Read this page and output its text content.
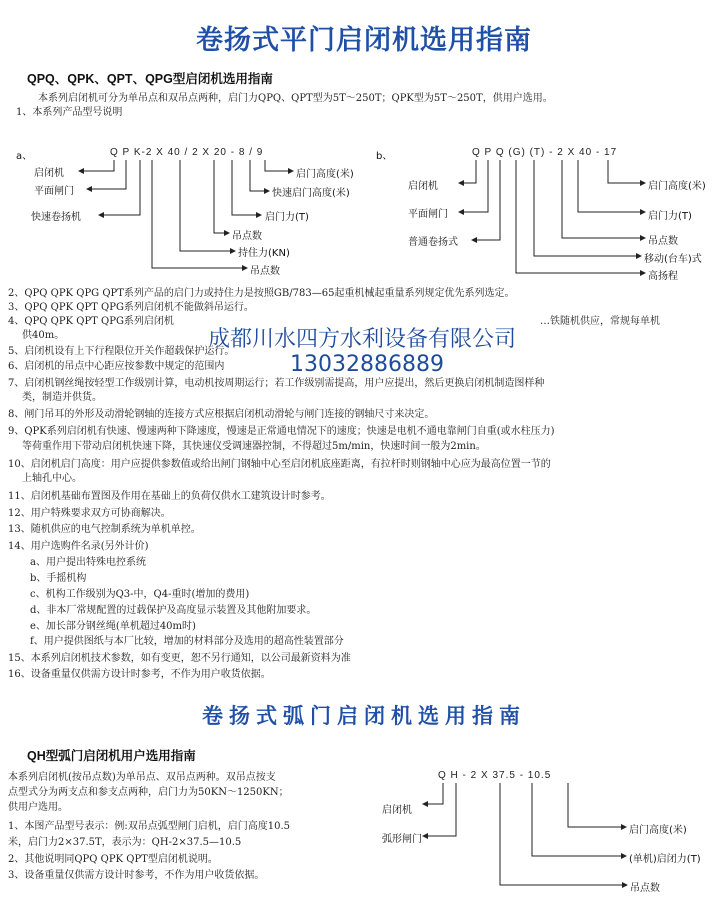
卷扬式平门启闭机选用指南
QPQ、QPK、QPT、QPG型启闭机选用指南
本系列启闭机可分为单吊点和双吊点两种，启门力QPQ、QPT型为5T～250T；QPK型为5T～250T，供用户选用。
1、本系列产品型号说明
a、	Q P K-2 X 40 / 2 X 20 - 8 / 9
启闭机
平面闸门
快速卷扬机
启门高度(米)
快速启门高度(米)
启门力(T)
吊点数
持住力(KN)
吊点数
b、	Q P Q (G) (T) - 2 X 40 - 17
启闭机
平面闸门
普通卷扬式
启门高度(米)
启门力(T)
吊点数
移动(台车)式
高扬程
2、QPQ QPK QPG QPT系列产品的启门力或持住力是按照GB/783—65起重机械起重量系列规定优先系列选定。
3、QPQ QPK QPT QPG系列启闭机不能做斜吊运行。
4、QPQ QPK QPT QPG系列启闭机	…铁随机供应，常规每单机
供40m。
5、启闭机设有上下行程限位开关作超载保护运行。
6、启闭机的吊点中心距应按参数中规定的范围内
7、启闭机钢丝绳按轻型工作级别计算，电动机按周期运行；若工作级别需提高，用户应提出，然后更换启闭机制造图样种
类，制造并供货。
8、闸门吊耳的外形及动滑轮钢轴的连接方式应根据启闭机动滑轮与闸门连接的钢轴尺寸来决定。
9、QPK系列启闭机有快速、慢速两种下降速度，慢速是正常通电情况下的速度；快速是电机不通电靠闸门自重(或水柱压力)
等荷重作用下带动启闭机快速下降，其快速仪受调速器控制，不得超过5m/min，快速时间一般为2min。
10、启闭机启门高度：用户应提供参数值或给出闸门钢轴中心至启闭机底座距离，有拉杆时则钢轴中心应为最高位置一节的
上轴孔中心。
11、启闭机基础布置图及作用在基础上的负荷仅供水工建筑设计时参考。
12、用户特殊要求双方可协商解决。
13、随机供应的电气控制系统为单机单控。
14、用户选购件名录(另外计价)
a、用户提出特殊电控系统
b、手摇机构
c、机构工作级别为Q3-中，Q4-重时(增加的费用)
d、非本厂常规配置的过载保护及高度显示装置及其他附加要求。
e、加长部分钢丝绳(单机超过40m时)
f、用户提供图纸与本厂比较，增加的材料部分及选用的超高性装置部分
15、本系列启闭机技术参数，如有变更，恕不另行通知，以公司最新资料为准
16、设备重量仅供需方设计时参考，不作为用户收货依据。
成都川水四方水利设备有限公司
13032886889
卷扬式弧门启闭机选用指南
QH型弧门启闭机用户选用指南
本系列启闭机(按吊点数)为单吊点、双吊点两种。双吊点按支
点型式分为两支点和参支点两种，启门力为50KN～1250KN；
供用户选用。
1、本图产品型号表示：例:双吊点弧型闸门启机，启门高度10.5
米，启门力2×37.5T，表示为：QH-2×37.5—10.5
2、其他说明同QPQ QPK QPT型启闭机说明。
3、设备重量仅供需方设计时参考，不作为用户收货依据。
Q H - 2 X 37.5 - 10.5
启闭机
弧形闸门
启门高度(米)
(单机)启闭力(T)
吊点数
